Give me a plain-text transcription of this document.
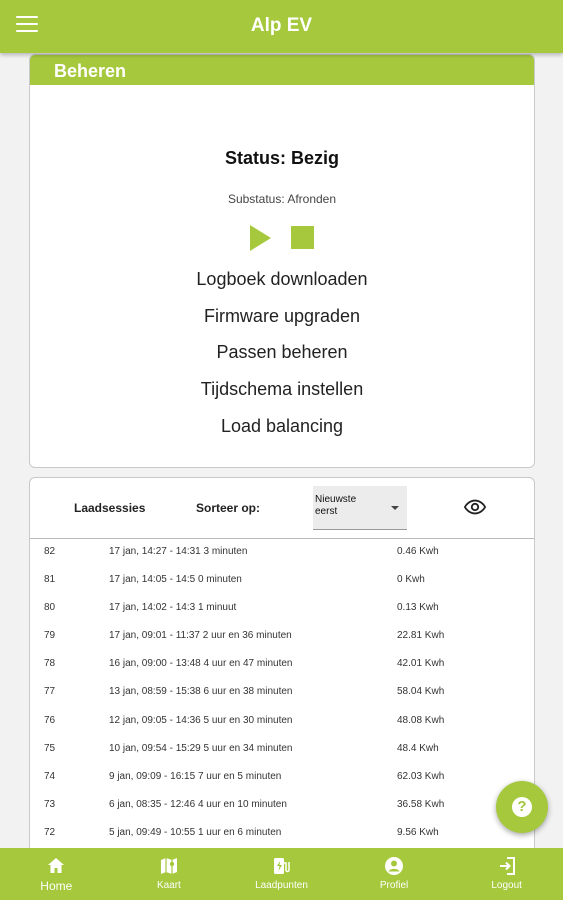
Alp EV
Beheren
Status: Bezig
Substatus: Afronden
Logboek downloaden
Firmware upgraden
Passen beheren
Tijdschema instellen
Load balancing
Laadsessies	Sorteer op:
Nieuwste eerst
82	17 jan, 14:27 - 14:31 3 minuten	0.46 Kwh
81	17 jan, 14:05 - 14:5 0 minuten	0 Kwh
80	17 jan, 14:02 - 14:3 1 minuut	0.13 Kwh
79	17 jan, 09:01 - 11:37 2 uur en 36 minuten	22.81 Kwh
78	16 jan, 09:00 - 13:48 4 uur en 47 minuten	42.01 Kwh
77	13 jan, 08:59 - 15:38 6 uur en 38 minuten	58.04 Kwh
76	12 jan, 09:05 - 14:36 5 uur en 30 minuten	48.08 Kwh
75	10 jan, 09:54 - 15:29 5 uur en 34 minuten	48.4 Kwh
74	9 jan, 09:09 - 16:15 7 uur en 5 minuten	62.03 Kwh
73	6 jan, 08:35 - 12:46 4 uur en 10 minuten	36.58 Kwh
72	5 jan, 09:49 - 10:55 1 uur en 6 minuten	9.56 Kwh
?
Home	Kaart	Laadpunten	Profiel	Logout
